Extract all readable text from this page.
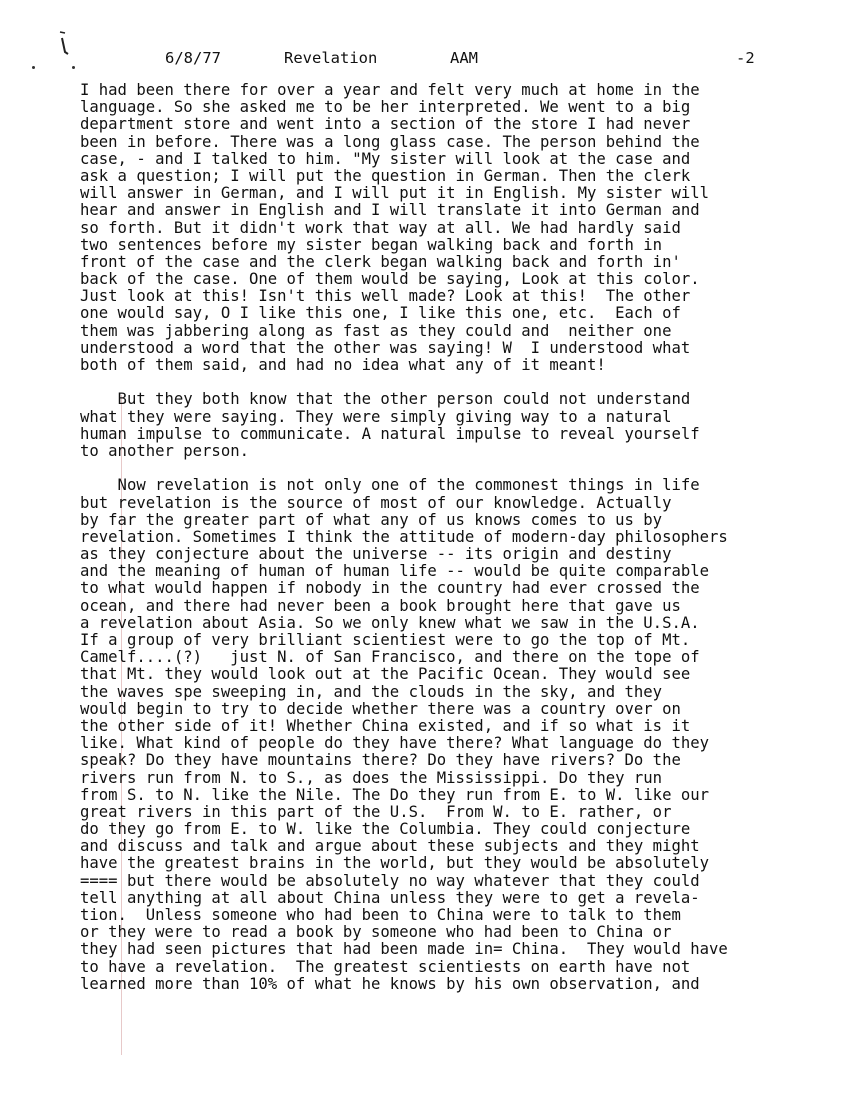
6/8/77	Revelation	AAM	-2
I had been there for over a year and felt very much at home in the
language. So she asked me to be her interpreted. We went to a big
department store and went into a section of the store I had never
been in before. There was a long glass case. The person behind the
case, - and I talked to him. "My sister will look at the case and
ask a question; I will put the question in German. Then the clerk
will answer in German, and I will put it in English. My sister will
hear and answer in English and I will translate it into German and
so forth. But it didn't work that way at all. We had hardly said
two sentences before my sister began walking back and forth in
front of the case and the clerk began walking back and forth in'
back of the case. One of them would be saying, Look at this color.
Just look at this! Isn't this well made? Look at this!  The other
one would say, O I like this one, I like this one, etc.  Each of
them was jabbering along as fast as they could and  neither one
understood a word that the other was saying! W  I understood what
both of them said, and had no idea what any of it meant!
But they both know that the other person could not understand
what they were saying. They were simply giving way to a natural
human impulse to communicate. A natural impulse to reveal yourself
to another person.
Now revelation is not only one of the commonest things in life
but revelation is the source of most of our knowledge. Actually
by far the greater part of what any of us knows comes to us by
revelation. Sometimes I think the attitude of modern-day philosophers
as they conjecture about the universe -- its origin and destiny
and the meaning of human of human life -- would be quite comparable
to what would happen if nobody in the country had ever crossed the
ocean, and there had never been a book brought here that gave us
a revelation about Asia. So we only knew what we saw in the U.S.A.
If a group of very brilliant scientiest were to go the top of Mt.
Camelf....(?)   just N. of San Francisco, and there on the tope of
that Mt. they would look out at the Pacific Ocean. They would see
the waves spe sweeping in, and the clouds in the sky, and they
would begin to try to decide whether there was a country over on
the other side of it! Whether China existed, and if so what is it
like. What kind of people do they have there? What language do they
speak? Do they have mountains there? Do they have rivers? Do the
rivers run from N. to S., as does the Mississippi. Do they run
from S. to N. like the Nile. The Do they run from E. to W. like our
great rivers in this part of the U.S.  From W. to E. rather, or
do they go from E. to W. like the Columbia. They could conjecture
and discuss and talk and argue about these subjects and they might
have the greatest brains in the world, but they would be absolutely
==== but there would be absolutely no way whatever that they could
tell anything at all about China unless they were to get a revela-
tion.  Unless someone who had been to China were to talk to them
or they were to read a book by someone who had been to China or
they had seen pictures that had been made in= China.  They would have
to have a revelation.  The greatest scientiests on earth have not
learned more than 10% of what he knows by his own observation, and
